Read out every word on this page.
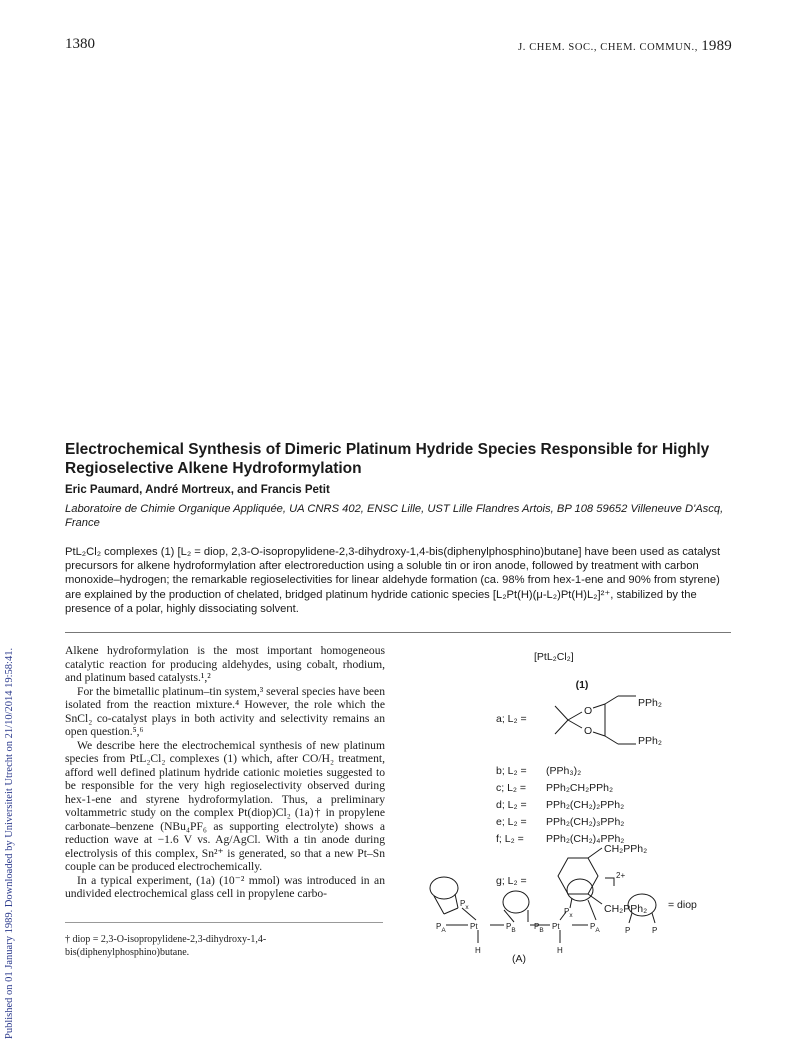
1380	J. CHEM. SOC., CHEM. COMMUN., 1989
Published on 01 January 1989. Downloaded by Universiteit Utrecht on 21/10/2014 19:58:41.
Electrochemical Synthesis of Dimeric Platinum Hydride Species Responsible for Highly Regioselective Alkene Hydroformylation
Eric Paumard, André Mortreux, and Francis Petit
Laboratoire de Chimie Organique Appliquée, UA CNRS 402, ENSC Lille, UST Lille Flandres Artois, BP 108 59652 Villeneuve D'Ascq, France
PtL₂Cl₂ complexes (1) [L₂ = diop, 2,3-O-isopropylidene-2,3-dihydroxy-1,4-bis(diphenylphosphino)butane] have been used as catalyst precursors for alkene hydroformylation after electroreduction using a soluble tin or iron anode, followed by treatment with carbon monoxide–hydrogen; the remarkable regioselectivities for linear aldehyde formation (ca. 98% from hex-1-ene and 90% from styrene) are explained by the production of chelated, bridged platinum hydride cationic species [L₂Pt(H)(μ-L₂)Pt(H)L₂]²⁺, stabilized by the presence of a polar, highly dissociating solvent.

Alkene hydroformylation is the most important homogeneous catalytic reaction for producing aldehydes, using cobalt, rhodium, and platinum based catalysts.¹,²

For the bimetallic platinum–tin system,³ several species have been isolated from the reaction mixture.⁴ However, the role which the SnCl₂ co-catalyst plays in both activity and selectivity remains an open question.⁵,⁶

We describe here the electrochemical synthesis of new platinum species from PtL₂Cl₂ complexes (1) which, after CO/H₂ treatment, afford well defined platinum hydride cationic moieties suggested to be responsible for the very high regioselectivity observed during hex-1-ene and styrene hydroformylation. Thus, a preliminary voltammetric study on the complex Pt(diop)Cl₂ (1a)† in propylene carbonate–benzene (NBu₄PF₆ as supporting electrolyte) shows a reduction wave at −1.6 V vs. Ag/AgCl. With a tin anode during electrolysis of this complex, Sn²⁺ is generated, so that a new Pt–Sn couple can be produced electrochemically.

In a typical experiment, (1a) (10⁻² mmol) was introduced in an undivided electrochemical glass cell in propylene carbo-

† diop = 2,3-O-isopropylidene-2,3-dihydroxy-1,4-bis(diphenylphosphino)butane.
[PtL₂Cl₂]
(1)
a; L₂ =
O
O
PPh₂
PPh₂
b; L₂ = (PPh₃)₂
c; L₂ = PPh₂CH₂PPh₂
d; L₂ = PPh₂(CH₂)₂PPh₂
e; L₂ = PPh₂(CH₂)₃PPh₂
f; L₂ = PPh₂(CH₂)₄PPh₂
g; L₂ =
CH₂PPh₂
CH₂PPh₂
$P_x$
$P_A$	Pt	$P_B$
H
$P_B$ Pt	$P_A$
$P_x$
H
2+
P	P
= diop
(A)
